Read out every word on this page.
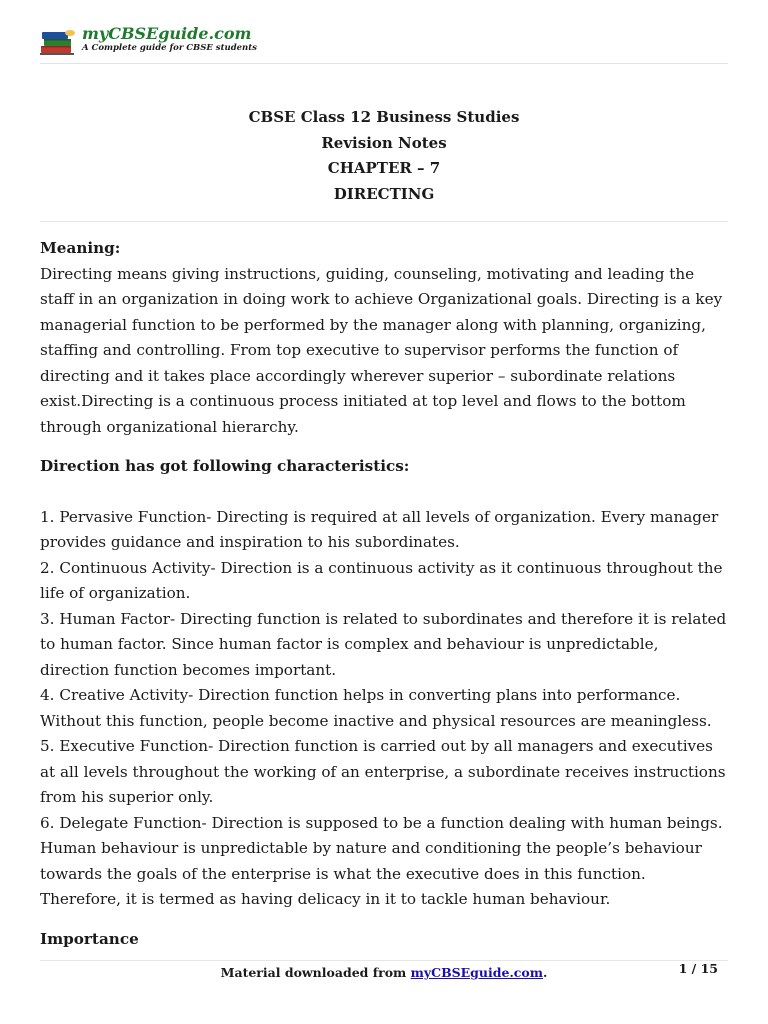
myCBSEguide.com
A Complete guide for CBSE students
CBSE Class 12 Business Studies
Revision Notes
CHAPTER – 7
DIRECTING

Meaning:

Directing means giving instructions, guiding, counseling, motivating and leading the staff in an organization in doing work to achieve Organizational goals. Directing is a key managerial function to be performed by the manager along with planning, organizing, staffing and controlling. From top executive to supervisor performs the function of directing and it takes place accordingly wherever superior – subordinate relations exist.Directing is a continuous process initiated at top level and flows to the bottom through organizational hierarchy.

Direction has got following characteristics:

1. Pervasive Function- Directing is required at all levels of organization. Every manager provides guidance and inspiration to his subordinates.

2. Continuous Activity- Direction is a continuous activity as it continuous throughout the life of organization.

3. Human Factor- Directing function is related to subordinates and therefore it is related to human factor. Since human factor is complex and behaviour is unpredictable, direction function becomes important.

4. Creative Activity- Direction function helps in converting plans into performance. Without this function, people become inactive and physical resources are meaningless.

5. Executive Function- Direction function is carried out by all managers and executives at all levels throughout the working of an enterprise, a subordinate receives instructions from his superior only.

6. Delegate Function- Direction is supposed to be a function dealing with human beings. Human behaviour is unpredictable by nature and conditioning the people’s behaviour towards the goals of the enterprise is what the executive does in this function. Therefore, it is termed as having delicacy in it to tackle human behaviour.

Importance

Material downloaded from myCBSEguide.com.	1 / 15
